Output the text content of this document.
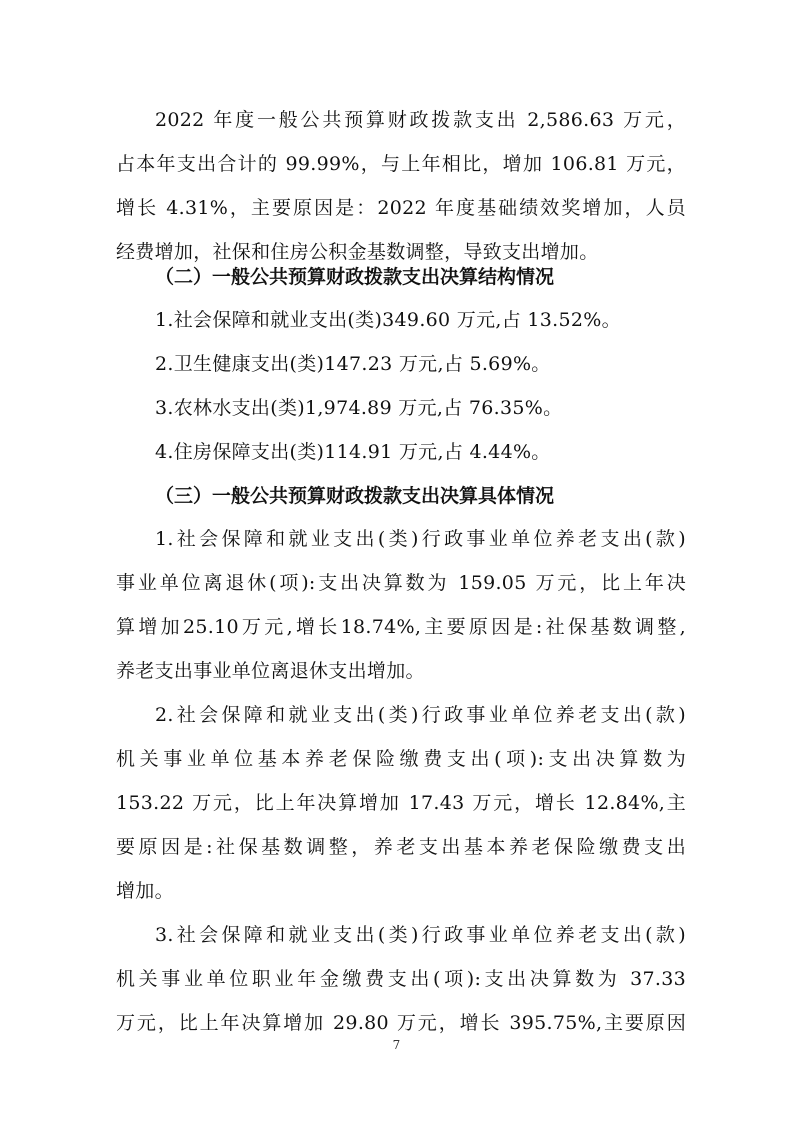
2022 年度一般公共预算财政拨款支出 2,586.63 万元，
占本年支出合计的 99.99%，与上年相比，增加 106.81 万元，
增长 4.31%，主要原因是：2022 年度基础绩效奖增加，人员
经费增加，社保和住房公积金基数调整，导致支出增加。
（二）一般公共预算财政拨款支出决算结构情况
1.社会保障和就业支出(类)349.60 万元,占 13.52%。
2.卫生健康支出(类)147.23 万元,占 5.69%。
3.农林水支出(类)1,974.89 万元,占 76.35%。
4.住房保障支出(类)114.91 万元,占 4.44%。
（三）一般公共预算财政拨款支出决算具体情况
1.社会保障和就业支出(类)行政事业单位养老支出(款)
事业单位离退休(项):支出决算数为 159.05 万元，比上年决
算增加25.10万元,增长18.74%,主要原因是:社保基数调整,
养老支出事业单位离退休支出增加。
2.社会保障和就业支出(类)行政事业单位养老支出(款)
机关事业单位基本养老保险缴费支出(项):支出决算数为
153.22 万元，比上年决算增加 17.43 万元，增长 12.84%,主
要原因是:社保基数调整，养老支出基本养老保险缴费支出
增加。
3.社会保障和就业支出(类)行政事业单位养老支出(款)
机关事业单位职业年金缴费支出(项):支出决算数为 37.33
万元，比上年决算增加 29.80 万元，增长 395.75%,主要原因
7
